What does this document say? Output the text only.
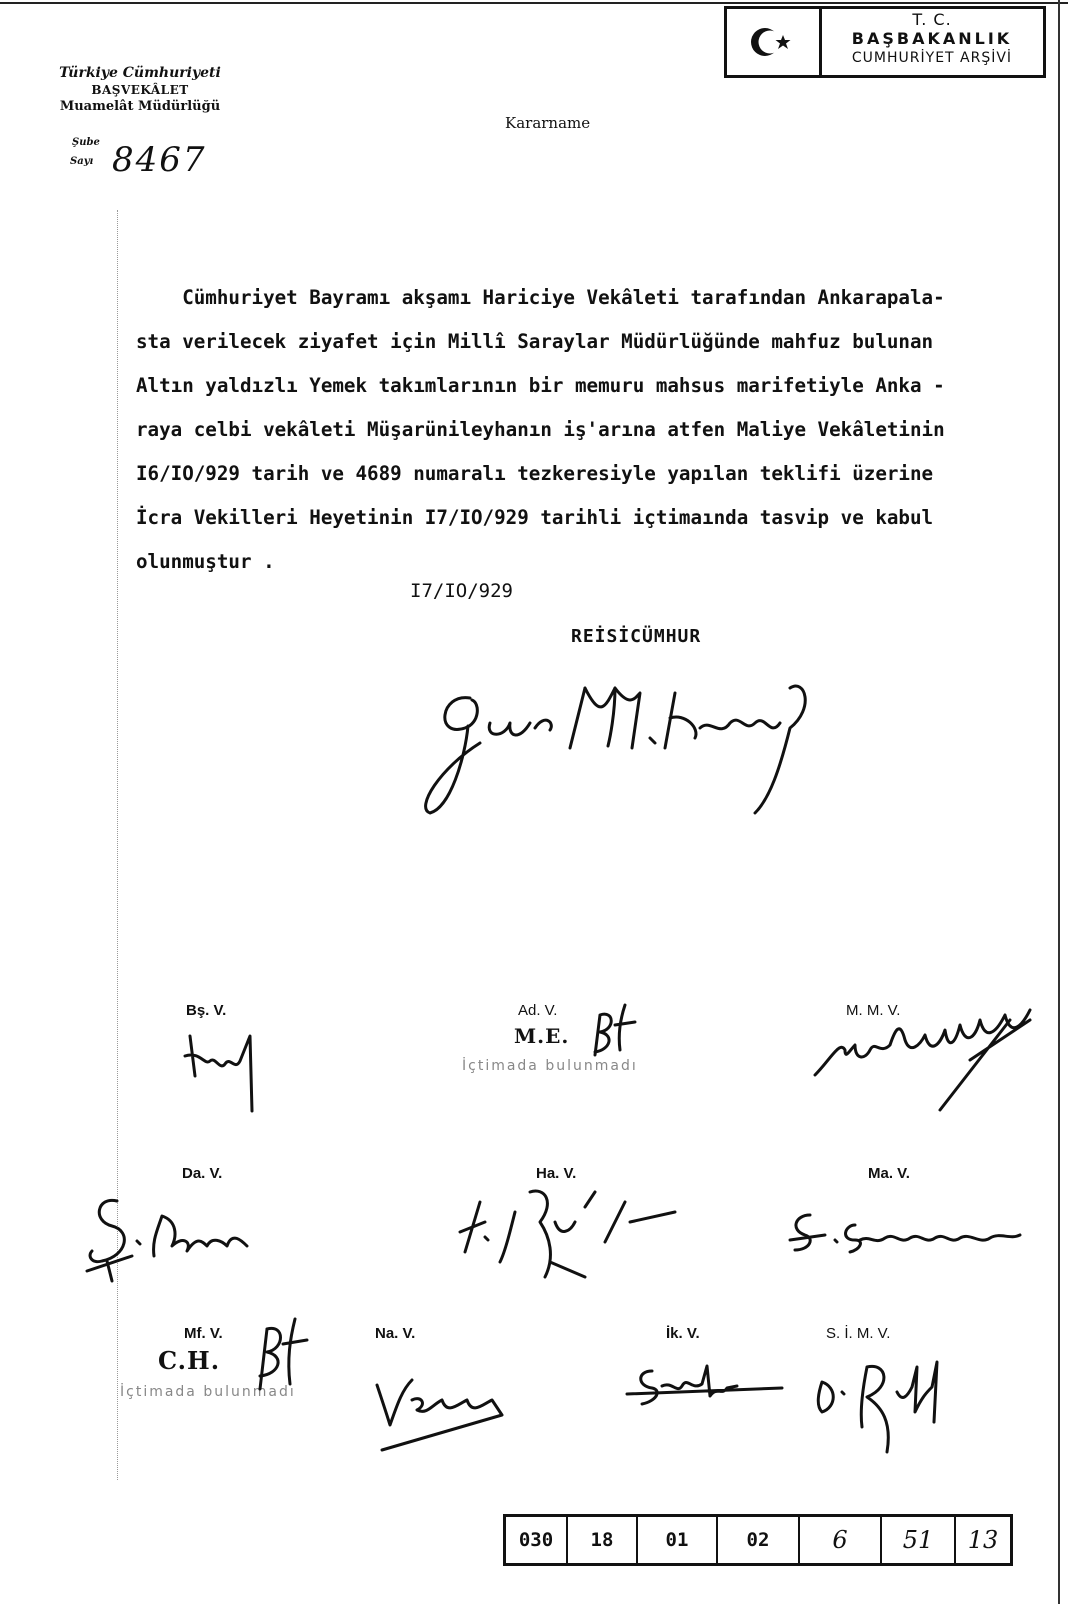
T. C.
BAŞBAKANLIK
CUMHURİYET ARŞİVİ
Türkiye Cümhuriyeti
BAŞVEKÂLET
Muamelât Müdürlüğü
Şube
Sayı 8467
Kararname
Cümhuriyet Bayramı akşamı Hariciye Vekâleti tarafından Ankarapala-
sta verilecek ziyafet için Millî Saraylar Müdürlüğünde mahfuz bulunan
Altın yaldızlı Yemek takımlarının bir memuru mahsus marifetiyle Anka -
raya celbi vekâleti Müşarünileyhanın iş'arına atfen Maliye Vekâletinin
I6/IO/929 tarih ve 4689 numaralı tezkeresiyle yapılan teklifi üzerine
İcra Vekilleri Heyetinin I7/IO/929 tarihli içtimaında tasvip ve kabul
olunmuştur .
I7/IO/929
REİSİCÜMHUR
Bş. V.	Ad. V.
M.E.
İçtimada bulunmadı
M. M. V.
Da. V.	Ha. V.	Ma. V.
Mf. V.
C.H.
İçtimada bulunmadı
Na. V.	İk. V.	S. İ. M. V.
030	18	01	02	6	51	13
